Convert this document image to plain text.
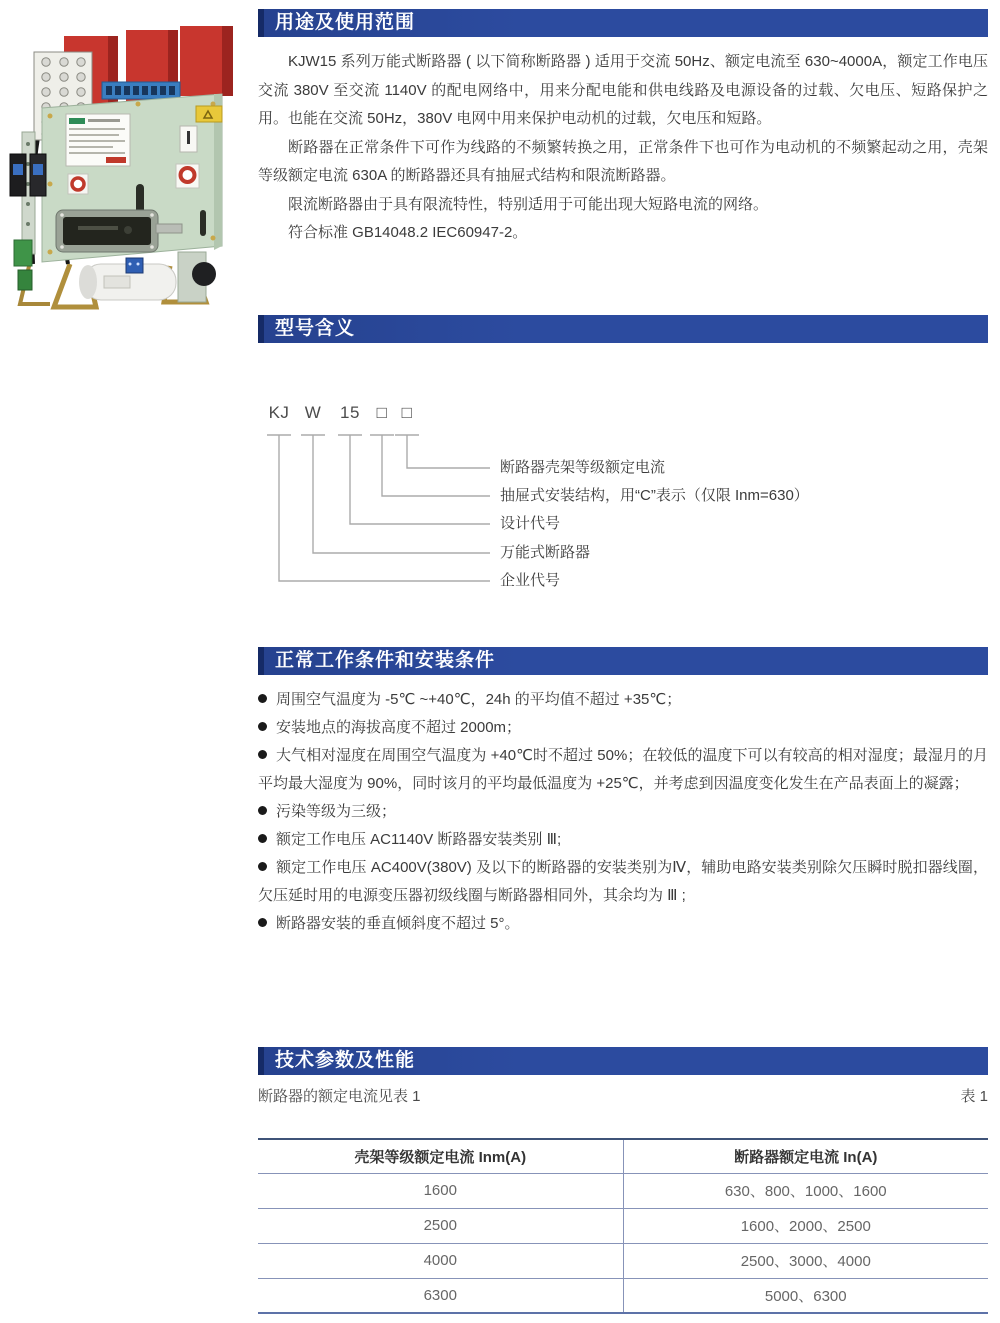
用途及使用范围

KJW15 系列万能式断路器 ( 以下简称断路器 ) 适用于交流 50Hz、额定电流至 630~4000A，额定工作电压交流 380V 至交流 1140V 的配电网络中，用来分配电能和供电线路及电源设备的过载、欠电压、短路保护之用。也能在交流 50Hz，380V 电网中用来保护电动机的过载，欠电压和短路。

断路器在正常条件下可作为线路的不频繁转换之用，正常条件下也可作为电动机的不频繁起动之用，壳架等级额定电流 630A 的断路器还具有抽屉式结构和限流断路器。

限流断路器由于具有限流特性，特别适用于可能出现大短路电流的网络。

符合标准 GB14048.2 IEC60947-2。

型号含义
KJ W 15 □ □
断路器壳架等级额定电流
抽屉式安装结构，用“C”表示（仅限 Inm=630）
设计代号
万能式断路器
企业代号
正常工作条件和安装条件

周围空气温度为 -5℃ ~+40℃，24h 的平均值不超过 +35℃；

安装地点的海拔高度不超过 2000m；

大气相对湿度在周围空气温度为 +40℃时不超过 50%；在较低的温度下可以有较高的相对湿度；最湿月的月平均最大湿度为 90%，同时该月的平均最低温度为 +25℃，并考虑到因温度变化发生在产品表面上的凝露；

污染等级为三级；

额定工作电压 AC1140V 断路器安装类别 Ⅲ;

额定工作电压 AC400V(380V) 及以下的断路器的安装类别为Ⅳ，辅助电路安装类别除欠压瞬时脱扣器线圈，欠压延时用的电源变压器初级线圈与断路器相同外，其余均为 Ⅲ ;

断路器安装的垂直倾斜度不超过 5°。

技术参数及性能
断路器的额定电流见表 1	表 1
壳架等级额定电流 Inm(A)	断路器额定电流 In(A)
1600	630、800、1000、1600
2500	1600、2000、2500
4000	2500、3000、4000
6300	5000、6300
